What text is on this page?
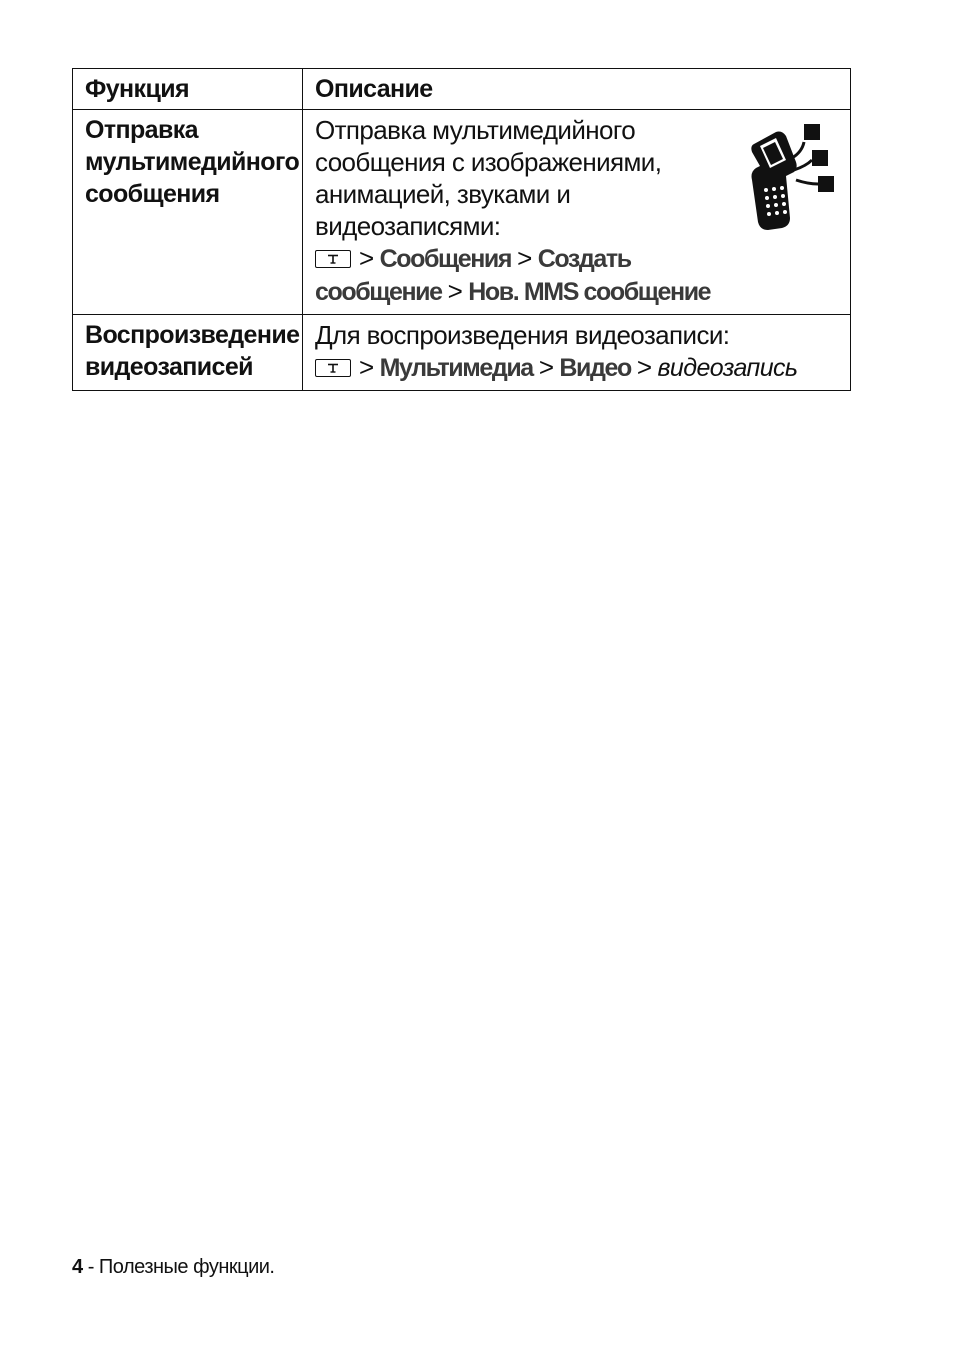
Функция	Описание

Отправка мультимедийного сообщения	Отправка мультимедийного сообщения с изображениями, анимацией, звуками и видеозаписями:
> Сообщения > Создать сообщение > Нов. MMS сообщение

Воспроизведение видеозаписей	Для воспроизведения видеозаписи:
> Мультимедиа > Видео > видеозапись
4 - Полезные функции.
